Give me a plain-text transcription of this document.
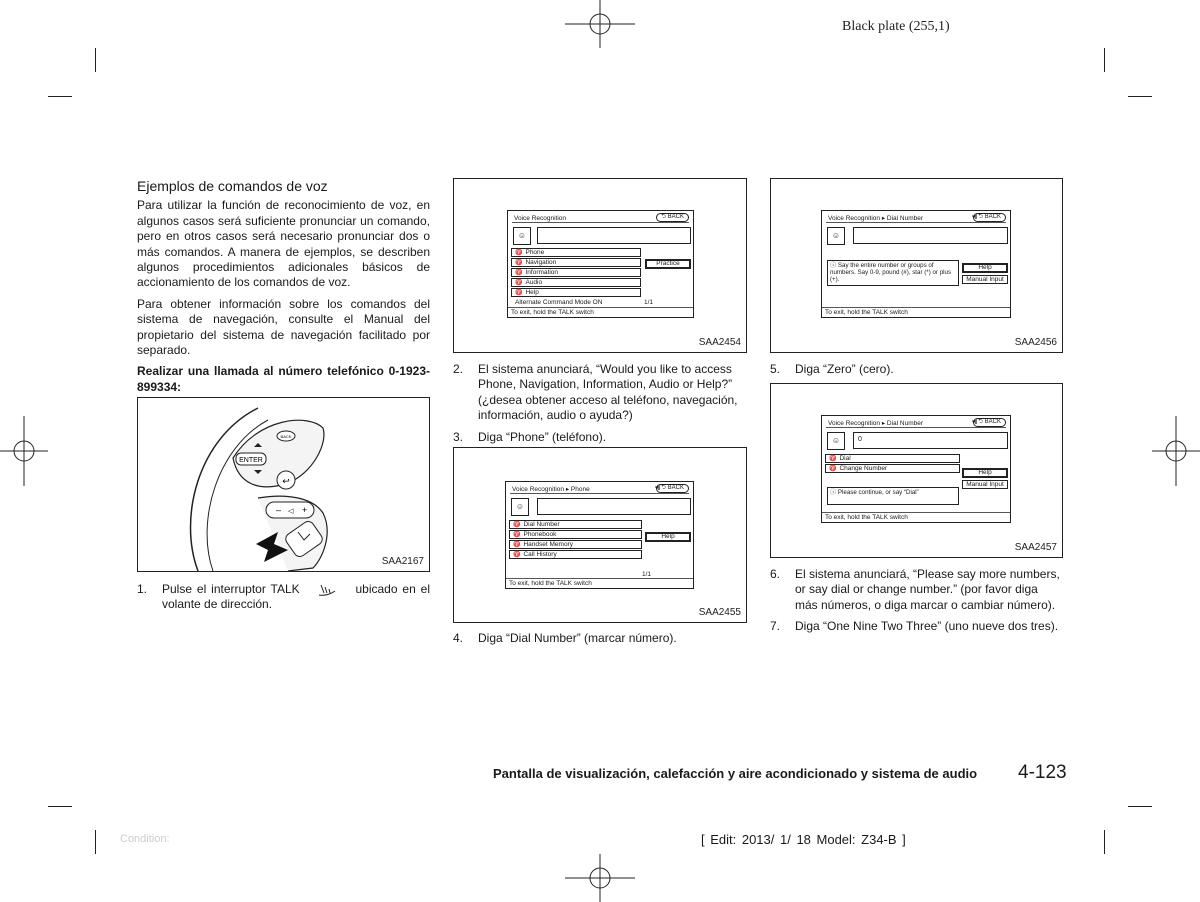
Black plate (255,1)
Ejemplos de comandos de voz

Para utilizar la función de reconocimiento de voz, en algunos casos será suficiente pronunciar un comando, pero en otros casos será necesario pronunciar dos o más comandos. A manera de ejemplos, se describen algunos procedimientos adicionales básicos de accionamiento de los comandos de voz.

Para obtener información sobre los comandos del sistema de navegación, consulte el Manual del propietario del sistema de navegación facilitado por separado.

Realizar una llamada al número telefónico 0-1923-899334:

ENTER
BACK
↩
– ◁ +
SAA2167
1. Pulse el interruptor TALK	ubicado en el volante de dirección.
Voice Recognition	⮌ BACK
☺
♈ Phone
♈ Navigation
♈ Information
♈ Audio
♈ Help
Alternate Command Mode ON	1/1
Practice
To exit, hold the TALK switch
SAA2454
2. El sistema anunciará, “Would you like to access Phone, Navigation, Information, Audio or Help?” (¿desea obtener acceso al teléfono, navegación, información, audio o ayuda?)
3. Diga “Phone” (teléfono).
Voice Recognition ▸ Phone	▾ıl ⮌ BACK
☺
♈ Dial Number
♈ Phonebook
♈ Handset Memory
♈ Call History
1/1
Help
To exit, hold the TALK switch
SAA2455
4. Diga “Dial Number” (marcar número).
Voice Recognition ▸ Dial Number	▾ıl ⮌ BACK
☺
ⓘ Say the entire number or groups of numbers. Say 0-9, pound (#), star (*) or plus (+).
Help
Manual Input
To exit, hold the TALK switch
SAA2456
5. Diga “Zero” (cero).
Voice Recognition ▸ Dial Number	▾ıl ⮌ BACK
☺	0
♈ Dial
♈ Change Number
Help
Manual Input
ⓘ Please continue, or say “Dial”
To exit, hold the TALK switch
SAA2457
6. El sistema anunciará, “Please say more numbers, or say dial or change number.” (por favor diga más números, o diga marcar o cambiar número).
7. Diga “One Nine Two Three” (uno nueve dos tres).
Pantalla de visualización, calefacción y aire acondicionado y sistema de audio 4-123
Condition:	[ Edit: 2013/ 1/ 18 Model: Z34-B ]
